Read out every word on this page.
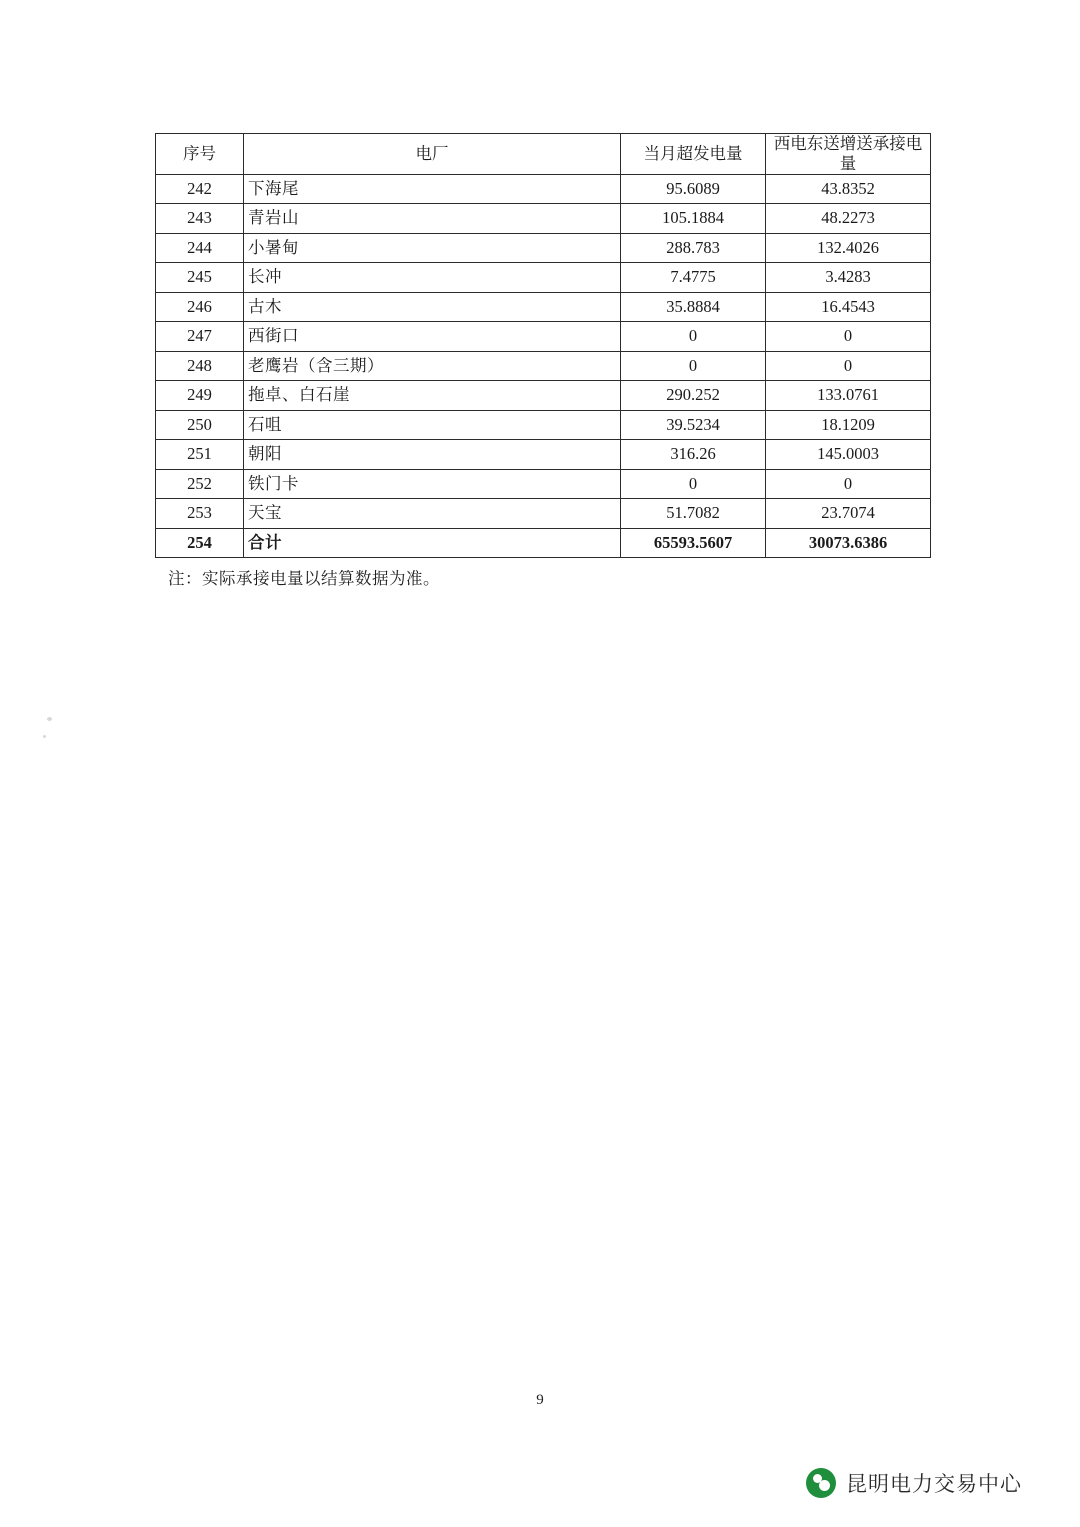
序号	电厂	当月超发电量	西电东送增送承接电量
242	下海尾	95.6089	43.8352
243	青岩山	105.1884	48.2273
244	小暑甸	288.783	132.4026
245	长冲	7.4775	3.4283
246	古木	35.8884	16.4543
247	西街口	0	0
248	老鹰岩（含三期）	0	0
249	拖卓、白石崖	290.252	133.0761
250	石咀	39.5234	18.1209
251	朝阳	316.26	145.0003
252	铁门卡	0	0
253	天宝	51.7082	23.7074
254	合计	65593.5607	30073.6386
注：实际承接电量以结算数据为准。
9
昆明电力交易中心
